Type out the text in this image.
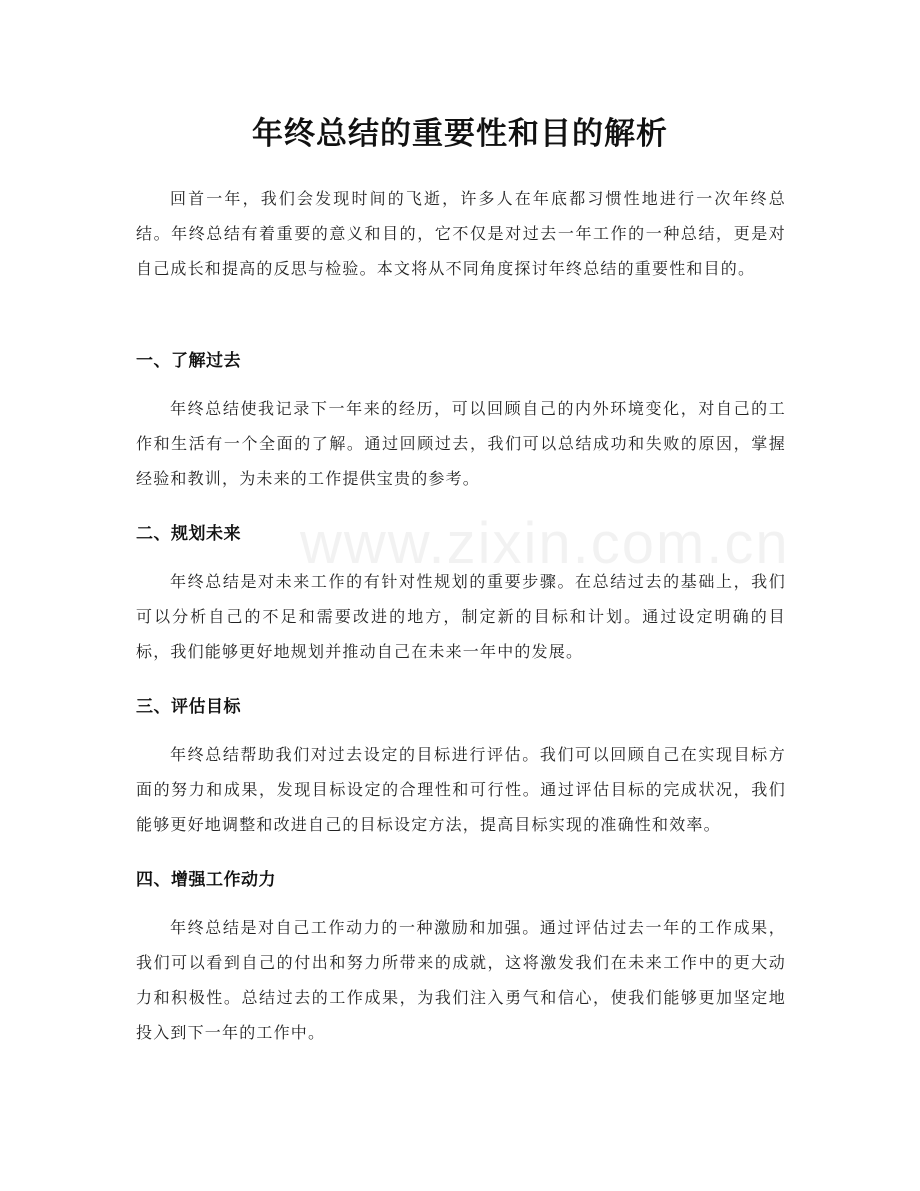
www.zixin.com.cn
年终总结的重要性和目的解析

回首一年，我们会发现时间的飞逝，许多人在年底都习惯性地进行一次年终总结。年终总结有着重要的意义和目的，它不仅是对过去一年工作的一种总结，更是对自己成长和提高的反思与检验。本文将从不同角度探讨年终总结的重要性和目的。

一、了解过去

年终总结使我记录下一年来的经历，可以回顾自己的内外环境变化，对自己的工作和生活有一个全面的了解。通过回顾过去，我们可以总结成功和失败的原因，掌握经验和教训，为未来的工作提供宝贵的参考。

二、规划未来

年终总结是对未来工作的有针对性规划的重要步骤。在总结过去的基础上，我们可以分析自己的不足和需要改进的地方，制定新的目标和计划。通过设定明确的目标，我们能够更好地规划并推动自己在未来一年中的发展。

三、评估目标

年终总结帮助我们对过去设定的目标进行评估。我们可以回顾自己在实现目标方面的努力和成果，发现目标设定的合理性和可行性。通过评估目标的完成状况，我们能够更好地调整和改进自己的目标设定方法，提高目标实现的准确性和效率。

四、增强工作动力

年终总结是对自己工作动力的一种激励和加强。通过评估过去一年的工作成果，我们可以看到自己的付出和努力所带来的成就，这将激发我们在未来工作中的更大动力和积极性。总结过去的工作成果，为我们注入勇气和信心，使我们能够更加坚定地投入到下一年的工作中。
